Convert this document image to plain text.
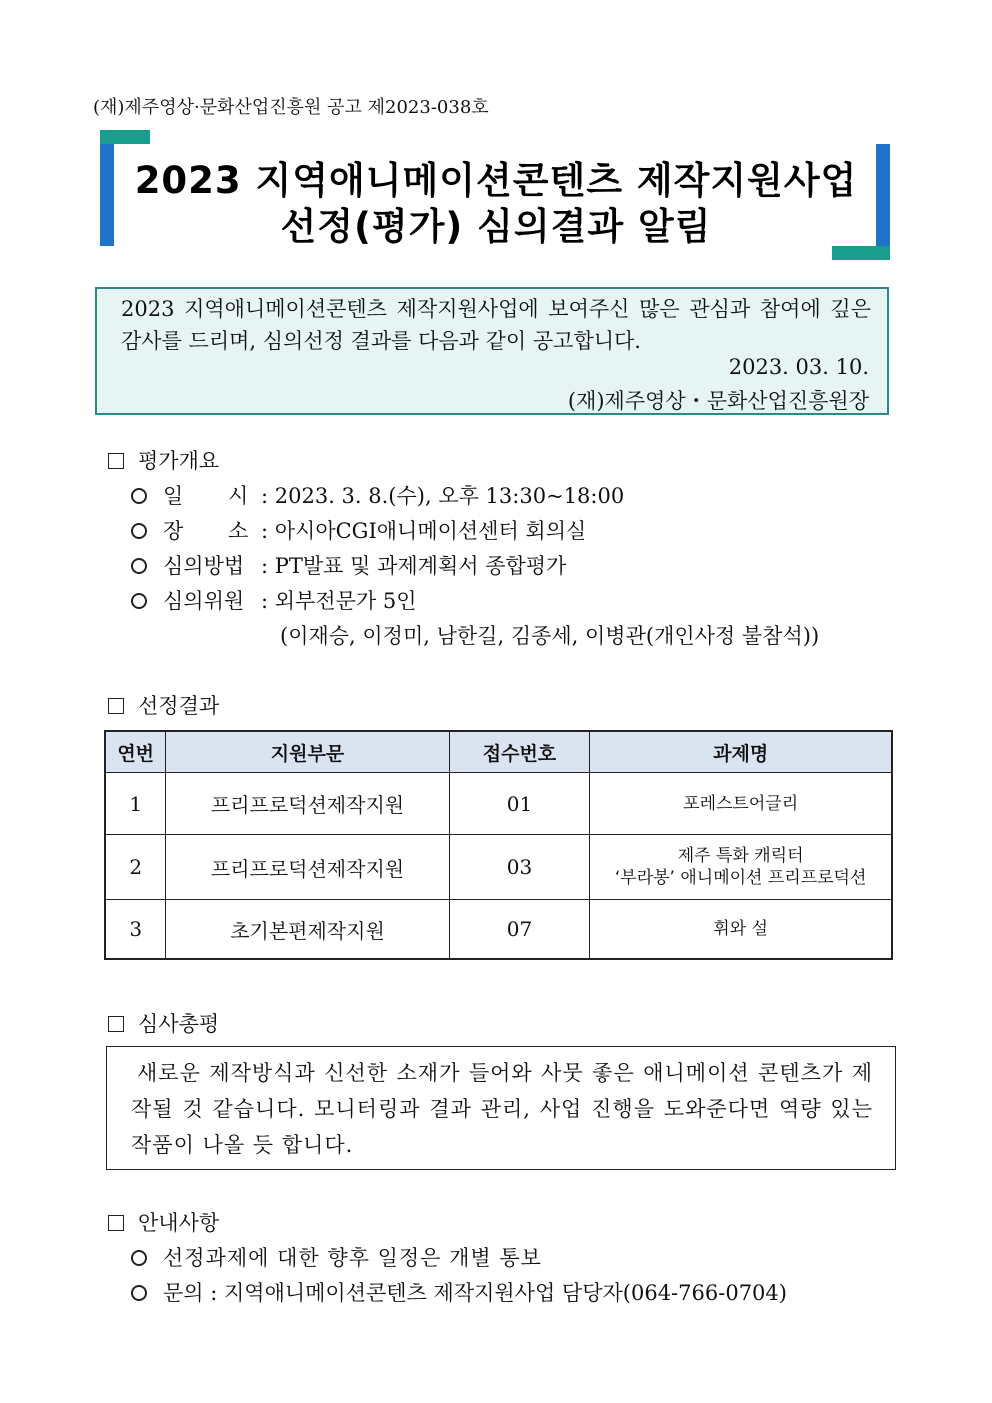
(재)제주영상·문화산업진흥원 공고 제2023-038호
2023 지역애니메이션콘텐츠 제작지원사업
선정(평가) 심의결과 알림
2023 지역애니메이션콘텐츠 제작지원사업에 보여주신 많은 관심과 참여에 깊은 감사를 드리며, 심의선정 결과를 다음과 같이 공고합니다.
2023. 03. 10.
(재)제주영상・문화산업진흥원장
평가개요
일 시 : 2023. 3. 8.(수), 오후 13:30~18:00
장 소 : 아시아CGI애니메이션센터 회의실
심의방법 : PT발표 및 과제계획서 종합평가
심의위원 : 외부전문가 5인
(이재승, 이정미, 남한길, 김종세, 이병관(개인사정 불참석))
선정결과
연번	지원부문	접수번호	과제명
1	프리프로덕션제작지원	01	포레스트어글리
2	프리프로덕션제작지원	03	제주 특화 캐릭터
‘부라봉’ 애니메이션 프리프로덕션

3	초기본편제작지원	07	휘와 설
심사총평
새로운 제작방식과 신선한 소재가 들어와 사뭇 좋은 애니메이션 콘텐츠가 제작될 것 같습니다. 모니터링과 결과 관리, 사업 진행을 도와준다면 역량 있는 작품이 나올 듯 합니다.
안내사항
선정과제에 대한 향후 일정은 개별 통보
문의 : 지역애니메이션콘텐츠 제작지원사업 담당자(064-766-0704)
